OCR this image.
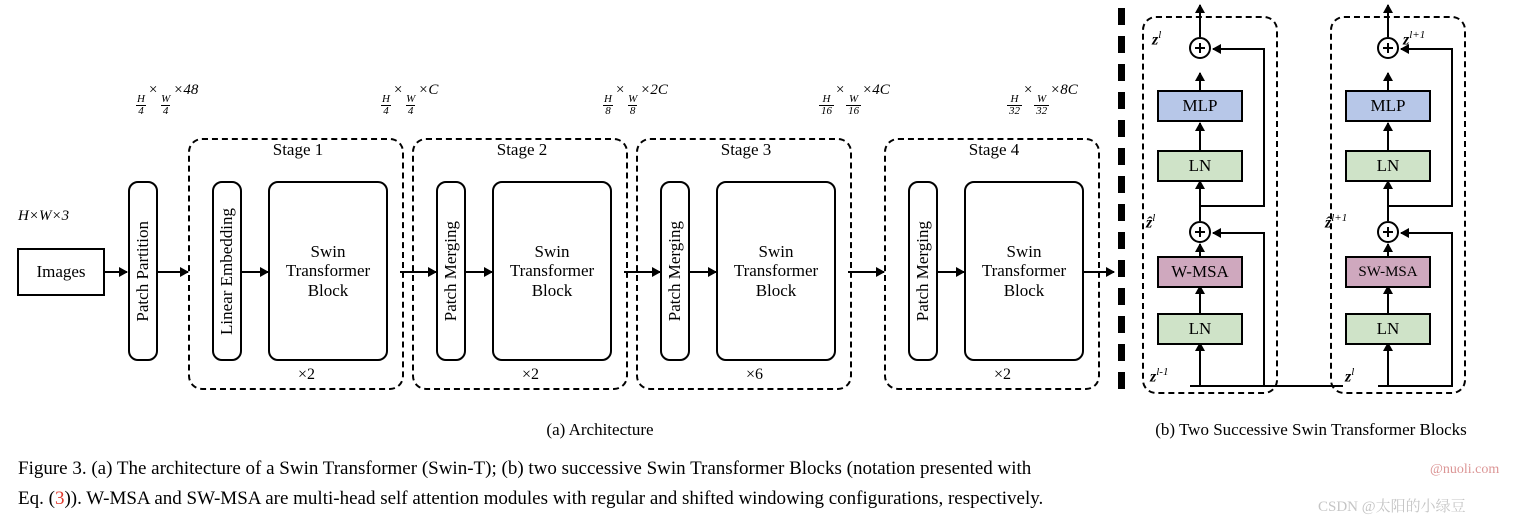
H×W×3
Images	Patch Partition
$\frac{H}{4}$
×
$\frac{W}{4}$
×48
$\frac{H}{4}$
×
$\frac{W}{4}$
×C
$\frac{H}{8}$
×
$\frac{W}{8}$
×2C
$\frac{H}{16}$
×
$\frac{W}{16}$
×4C
$\frac{H}{32}$
×
$\frac{W}{32}$
×8C
Stage 1
Linear Embedding	Swin Transformer Block
×2
Stage 2
Patch Merging	Swin Transformer Block
×2
Stage 3
Patch Merging	Swin Transformer Block
×6
Stage 4
Patch Merging	Swin Transformer Block
×2
(a) Architecture
$z^{l-1}$
LN
W-MSA
ẑ$^l$
LN
MLP
$z^l$
$z^l$
LN
SW-MSA
ẑ$^{l+1}$
LN
MLP
$z^{l+1}$
(b) Two Successive Swin Transformer Blocks
Figure 3. (a) The architecture of a Swin Transformer (Swin-T); (b) two successive Swin Transformer Blocks (notation presented with
Eq. (3)). W-MSA and SW-MSA are multi-head self attention modules with regular and shifted windowing configurations, respectively.
@nuoli.com
CSDN @太阳的小绿豆
